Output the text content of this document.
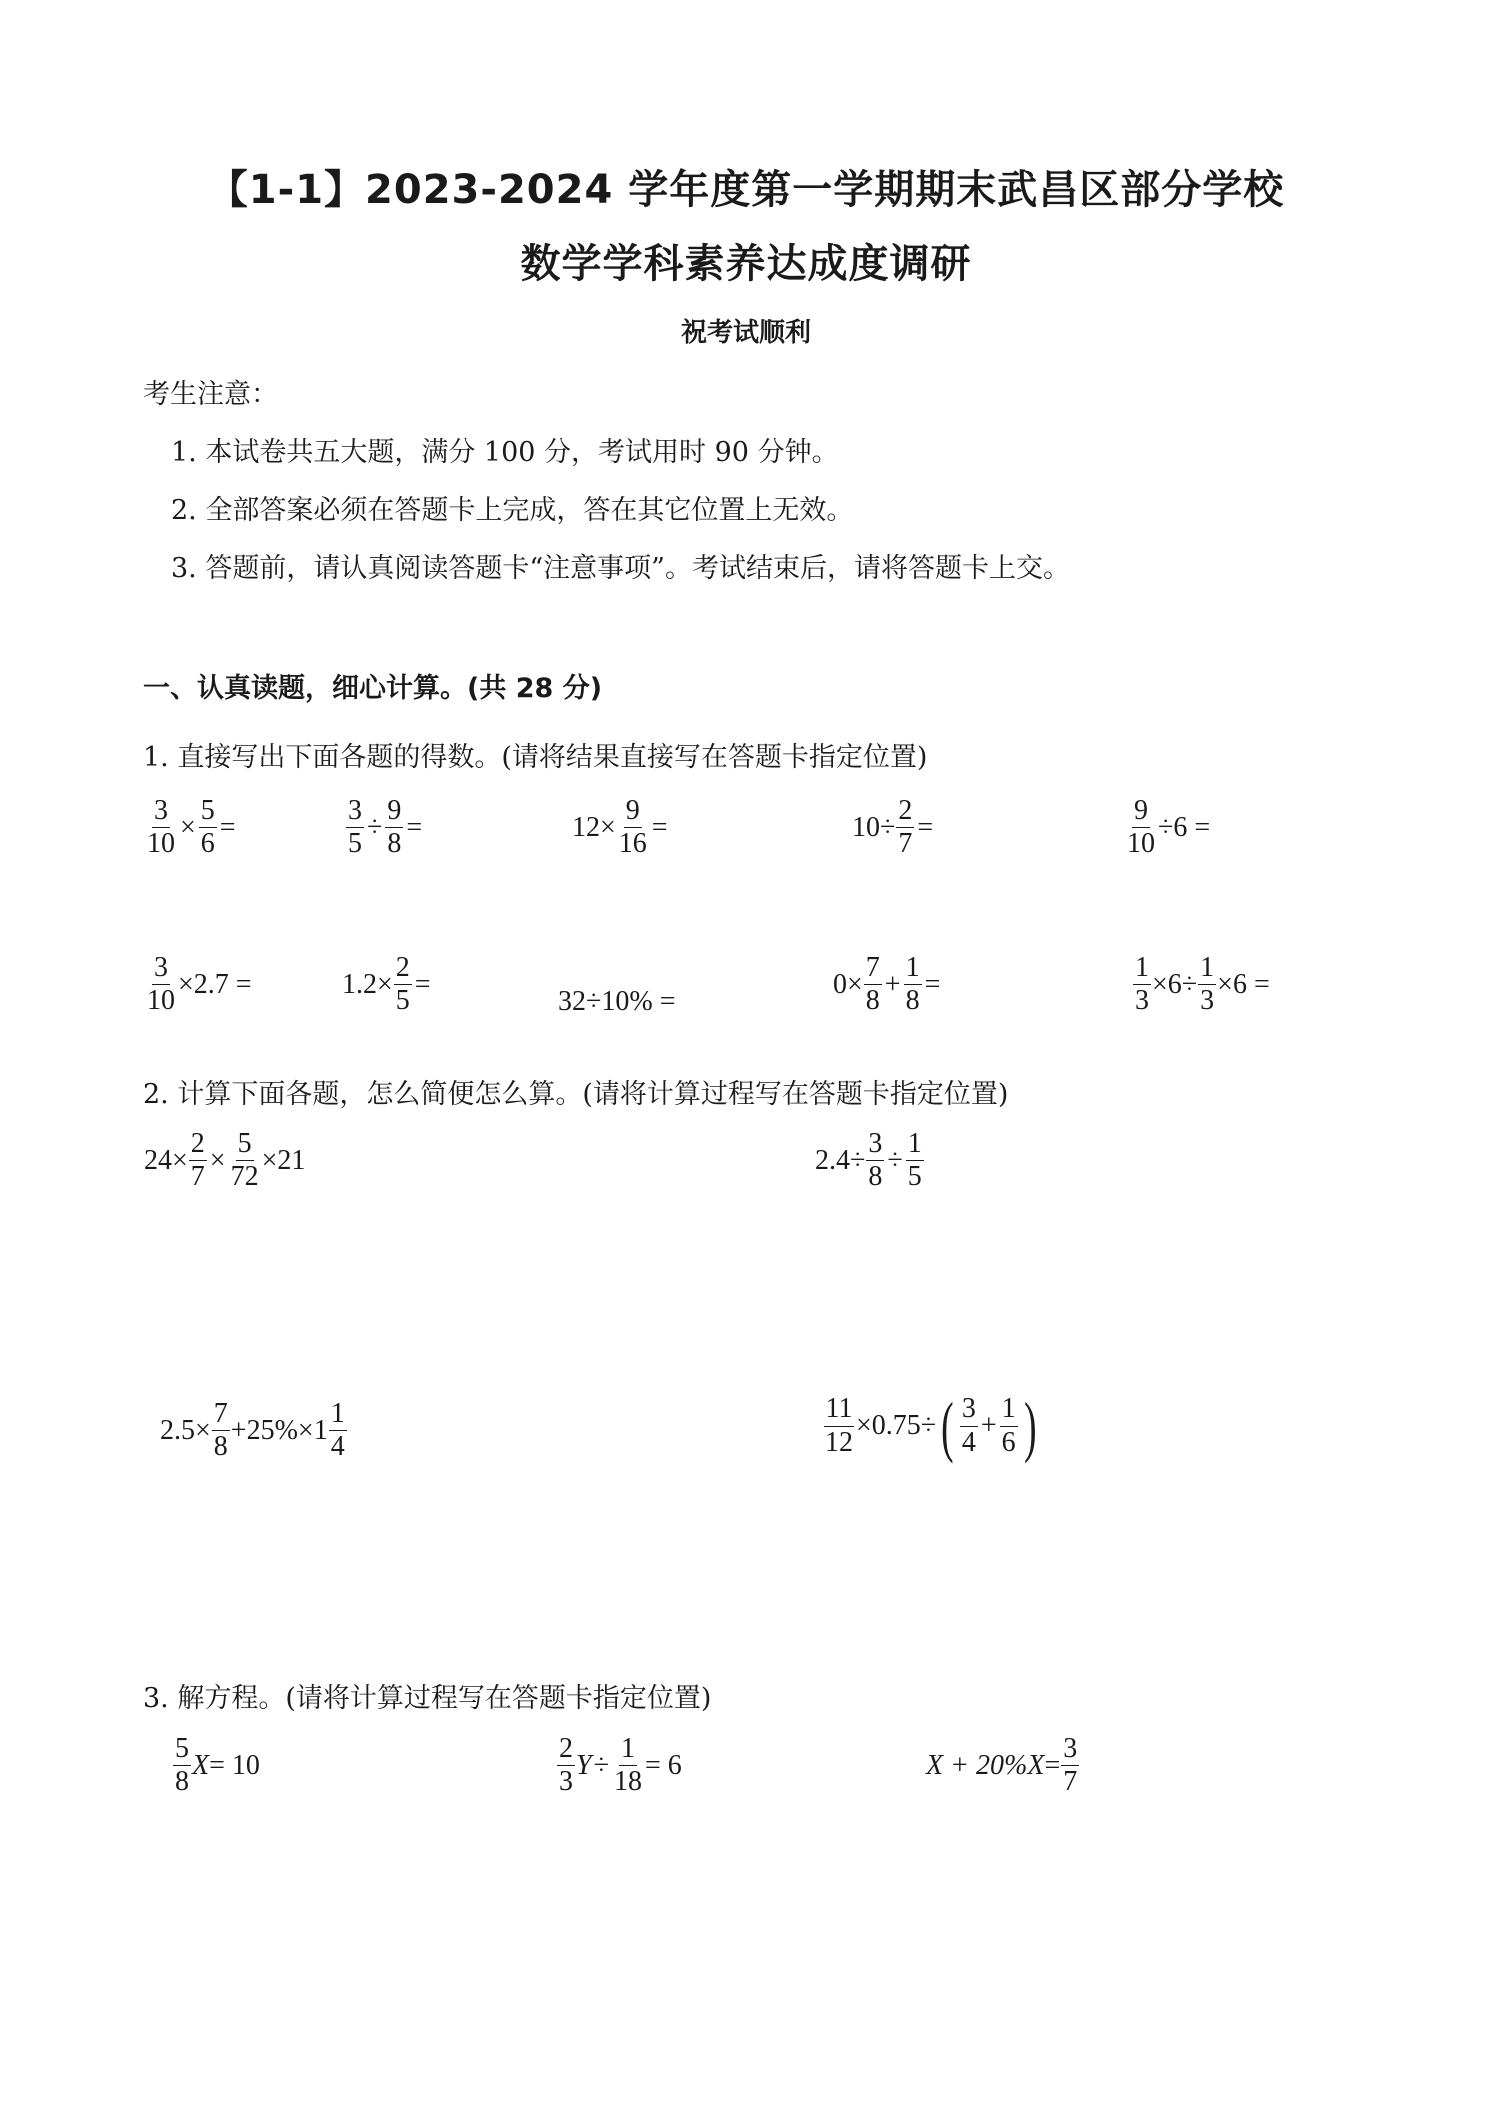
【1-1】2023-2024 学年度第一学期期末武昌区部分学校
数学学科素养达成度调研
祝考试顺利
考生注意：
1. 本试卷共五大题，满分 100 分，考试用时 90 分钟。
2. 全部答案必须在答题卡上完成，答在其它位置上无效。
3. 答题前，请认真阅读答题卡“注意事项”。考试结束后，请将答题卡上交。
一、认真读题，细心计算。(共 28 分)
1. 直接写出下面各题的得数。(请将结果直接写在答题卡指定位置)
$\frac{3}{10} \times \frac{5}{6}$ =	$\frac{3}{5} \div \frac{9}{8}$ =	$12\times \frac{9}{16}$ =	$10\div \frac{2}{7}$ =	$\frac{9}{10} \div 6$ =
$\frac{3}{10} \times 2.7$ =	$1.2\times \frac{2}{5}$ =
32÷10% =
$0\times \frac{7}{8} + \frac{1}{8}$ =	$\frac{1}{3} \times 6\div \frac{1}{3} \times 6$ =
2. 计算下面各题，怎么简便怎么算。(请将计算过程写在答题卡指定位置)
$24\times \frac{2}{7} \times \frac{5}{72} \times 21$	$2.4\div \frac{3}{8} \div \frac{1}{5}$
$2.5\times \frac{7}{8} +25\%\times 1 \frac{1}{4}$	$\frac{11}{12} \times 0.75\div$ ( $\frac{3}{4} + \frac{1}{6}$ )
3. 解方程。(请将计算过程写在答题卡指定位置)
$\frac{5}{8}$ X = 10	$\frac{2}{3}$ $Y \div \frac{1}{18} = 6$	$X + 20\%X = \frac{3}{7}$
